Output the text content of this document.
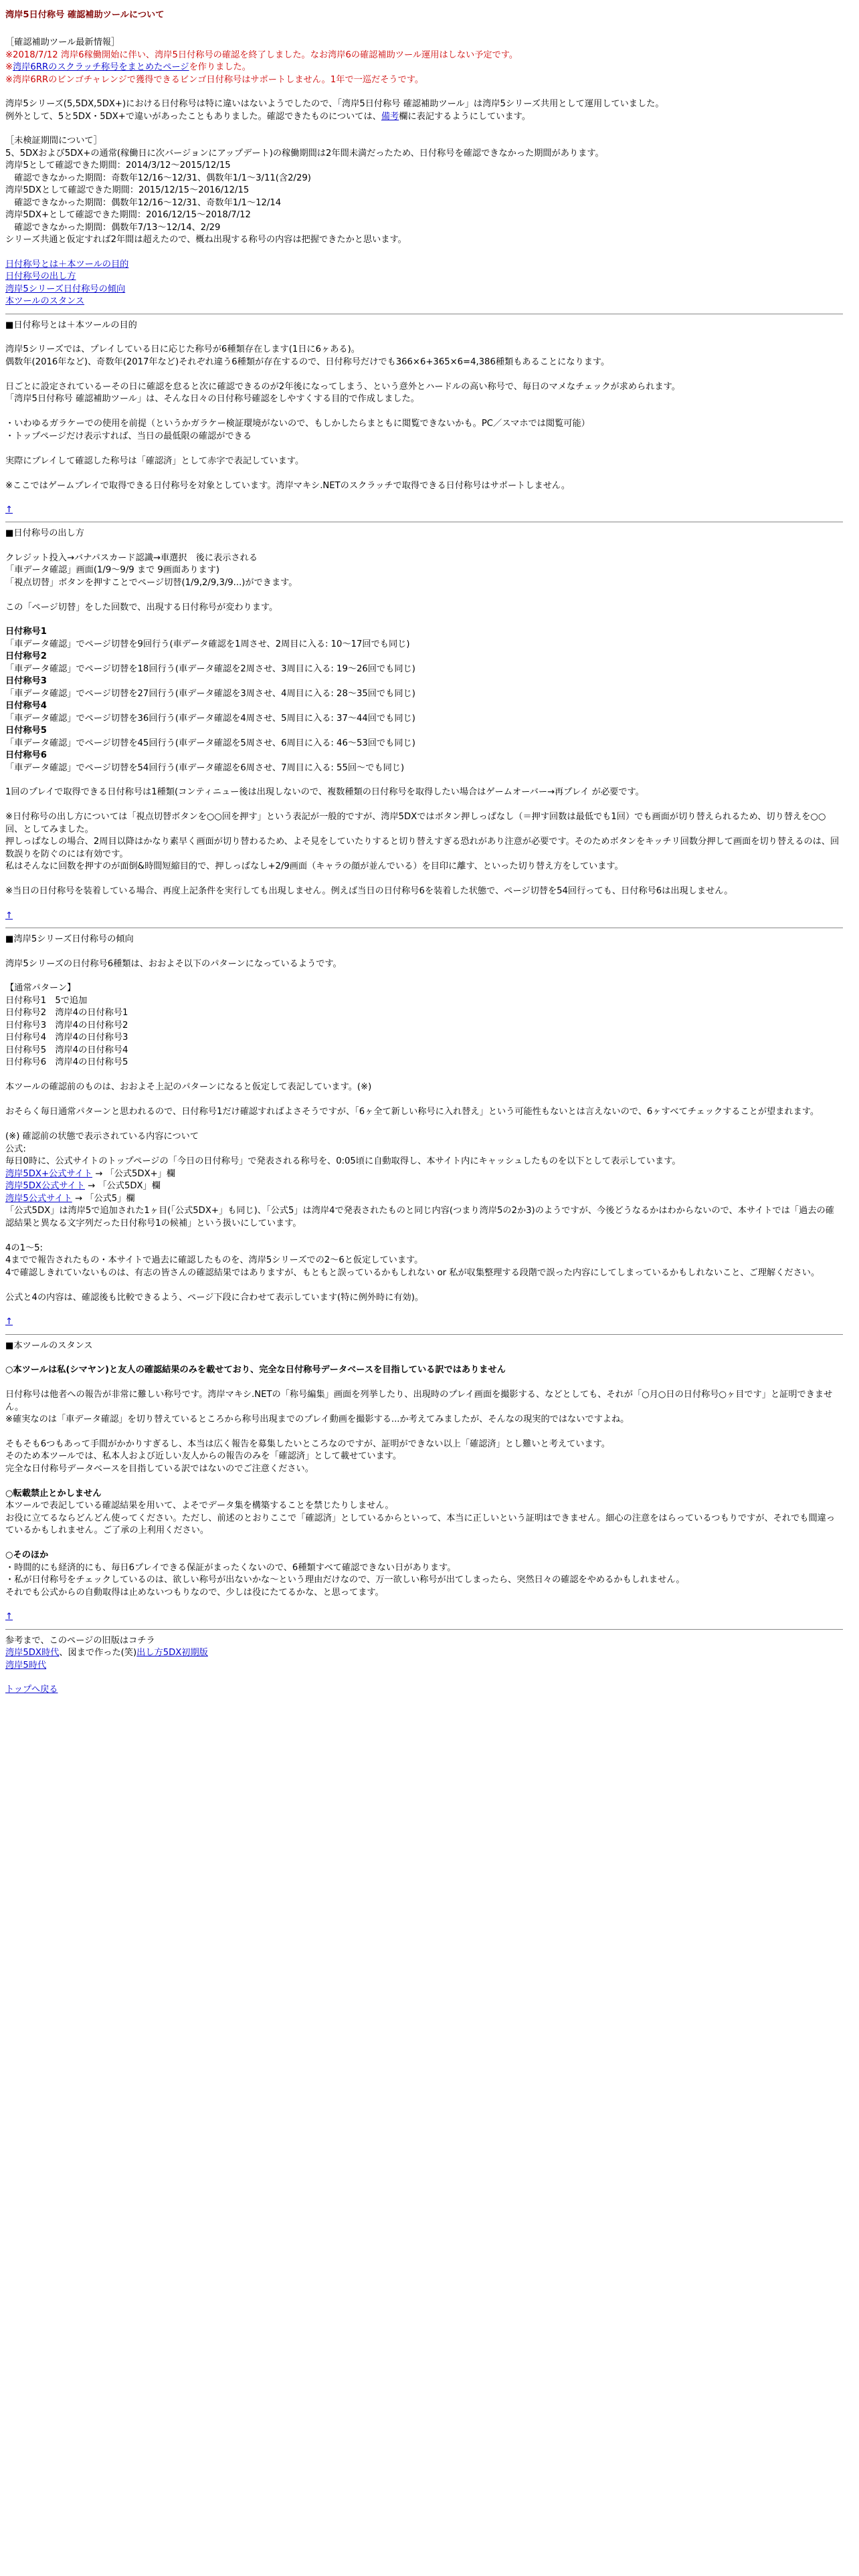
湾岸5日付称号 確認補助ツールについて
［確認補助ツール最新情報］
※2018/7/12 湾岸6稼働開始に伴い、湾岸5日付称号の確認を終了しました。なお湾岸6の確認補助ツール運用はしない予定です。
※湾岸6RRのスクラッチ称号をまとめたページを作りました。
※湾岸6RRのビンゴチャレンジで獲得できるビンゴ日付称号はサポートしません。1年で一巡だそうです。
湾岸5シリーズ(5,5DX,5DX+)における日付称号は特に違いはないようでしたので、「湾岸5日付称号 確認補助ツール」は湾岸5シリーズ共用として運用していました。
例外として、5と5DX・5DX+で違いがあったこともありました。確認できたものについては、備考欄に表記するようにしています。
［未検証期間について］
5、5DXおよび5DX+の通常(稼働日に次バージョンにアップデート)の稼働期間は2年間未満だったため、日付称号を確認できなかった期間があります。
湾岸5として確認できた期間：2014/3/12〜2015/12/15
　確認できなかった期間：奇数年12/16〜12/31、偶数年1/1〜3/11(含2/29)
湾岸5DXとして確認できた期間：2015/12/15〜2016/12/15
　確認できなかった期間：偶数年12/16〜12/31、奇数年1/1〜12/14
湾岸5DX+として確認できた期間：2016/12/15〜2018/7/12
　確認できなかった期間：偶数年7/13〜12/14、2/29
シリーズ共通と仮定すれば2年間は超えたので、概ね出現する称号の内容は把握できたかと思います。
日付称号とは＋本ツールの目的
日付称号の出し方
湾岸5シリーズ日付称号の傾向
本ツールのスタンス
■日付称号とは＋本ツールの目的
湾岸5シリーズでは、プレイしている日に応じた称号が6種類存在します(1日に6ヶある)。
偶数年(2016年など)、奇数年(2017年など)それぞれ違う6種類が存在するので、日付称号だけでも366×6+365×6=4,386種類もあることになります。

日ごとに設定されているーその日に確認を怠ると次に確認できるのが2年後になってしまう、という意外とハードルの高い称号で、毎日のマメなチェックが求められます。
「湾岸5日付称号 確認補助ツール」は、そんな日々の日付称号確認をしやすくする目的で作成しました。

・いわゆるガラケーでの使用を前提（というかガラケー検証環境がないので、もしかしたらまともに閲覧できないかも。PC／スマホでは閲覧可能）
・トップページだけ表示すれば、当日の最低限の確認ができる

実際にプレイして確認した称号は「確認済」として赤字で表記しています。

※ここではゲームプレイで取得できる日付称号を対象としています。湾岸マキシ.NETのスクラッチで取得できる日付称号はサポートしません。
↑
■日付称号の出し方
クレジット投入→バナパスカード認識→車選択　後に表示される
「車データ確認」画面(1/9〜9/9 まで 9画面あります)
「視点切替」ボタンを押すことでページ切替(1/9,2/9,3/9...)ができます。

この「ページ切替」をした回数で、出現する日付称号が変わります。
日付称号1
「車データ確認」でページ切替を9回行う(車データ確認を1周させ、2周目に入る: 10〜17回でも同じ)
日付称号2
「車データ確認」でページ切替を18回行う(車データ確認を2周させ、3周目に入る: 19〜26回でも同じ)
日付称号3
「車データ確認」でページ切替を27回行う(車データ確認を3周させ、4周目に入る: 28〜35回でも同じ)
日付称号4
「車データ確認」でページ切替を36回行う(車データ確認を4周させ、5周目に入る: 37〜44回でも同じ)
日付称号5
「車データ確認」でページ切替を45回行う(車データ確認を5周させ、6周目に入る: 46〜53回でも同じ)
日付称号6
「車データ確認」でページ切替を54回行う(車データ確認を6周させ、7周目に入る: 55回〜でも同じ)
1回のプレイで取得できる日付称号は1種類(コンティニュー後は出現しないので、複数種類の日付称号を取得したい場合はゲームオーバー→再プレイ が必要です。

※日付称号の出し方については「視点切替ボタンを○○回を押す」という表記が一般的ですが、湾岸5DXではボタン押しっぱなし（＝押す回数は最低でも1回）でも画面が切り替えられるため、切り替えを○○回、としてみました。
押しっぱなしの場合、2周目以降はかなり素早く画面が切り替わるため、よそ見をしていたりすると切り替えすぎる恐れがあり注意が必要です。そのためボタンをキッチリ回数分押して画面を切り替えるのは、回数誤りを防ぐのには有効です。
私はそんなに回数を押すのが面倒&時間短縮目的で、押しっぱなし+2/9画面（キャラの顔が並んでいる）を目印に離す、といった切り替え方をしています。

※当日の日付称号を装着している場合、再度上記条件を実行しても出現しません。例えば当日の日付称号6を装着した状態で、ページ切替を54回行っても、日付称号6は出現しません。
↑
■湾岸5シリーズ日付称号の傾向
湾岸5シリーズの日付称号6種類は、おおよそ以下のパターンになっているようです。

【通常パターン】
日付称号1　5で追加
日付称号2　湾岸4の日付称号1
日付称号3　湾岸4の日付称号2
日付称号4　湾岸4の日付称号3
日付称号5　湾岸4の日付称号4
日付称号6　湾岸4の日付称号5

本ツールの確認前のものは、おおよそ上記のパターンになると仮定して表記しています。(※)

おそらく毎日通常パターンと思われるので、日付称号1だけ確認すればよさそうですが、「6ヶ全て新しい称号に入れ替え」という可能性もないとは言えないので、6ヶすべてチェックすることが望まれます。

(※) 確認前の状態で表示されている内容について
公式:
毎日0時に、公式サイトのトップページの「今日の日付称号」で発表される称号を、0:05頃に自動取得し、本サイト内にキャッシュしたものを以下として表示しています。
湾岸5DX+公式サイト → 「公式5DX+」欄
湾岸5DX公式サイト → 「公式5DX」欄
湾岸5公式サイト → 「公式5」欄
「公式5DX」は湾岸5で追加された1ヶ目(「公式5DX+」も同じ)、「公式5」は湾岸4で発表されたものと同じ内容(つまり湾岸5の2か3)のようですが、今後どうなるかはわからないので、本サイトでは「過去の確認結果と異なる文字列だった日付称号1の候補」という扱いにしています。

4の1〜5:
4までで報告されたもの・本サイトで過去に確認したものを、湾岸5シリーズでの2〜6と仮定しています。
4で確認しきれていないものは、有志の皆さんの確認結果ではありますが、もともと誤っているかもしれない or 私が収集整理する段階で誤った内容にしてしまっているかもしれないこと、ご理解ください。

公式と4の内容は、確認後も比較できるよう、ページ下段に合わせて表示しています(特に例外時に有効)。
↑
■本ツールのスタンス
○本ツールは私(シマヤン)と友人の確認結果のみを載せており、完全な日付称号データベースを目指している訳ではありません

日付称号は他者への報告が非常に難しい称号です。湾岸マキシ.NETの「称号編集」画面を列挙したり、出現時のプレイ画面を撮影する、などとしても、それが「○月○日の日付称号○ヶ目です」と証明できません。
※確実なのは「車データ確認」を切り替えているところから称号出現までのプレイ動画を撮影する...か考えてみましたが、そんなの現実的ではないですよね。

そもそも6つもあって手間がかかりすぎるし、本当は広く報告を募集したいところなのですが、証明ができない以上「確認済」とし難いと考えています。
そのため本ツールでは、私本人および近しい友人からの報告のみを「確認済」として載せています。
完全な日付称号データベースを目指している訳ではないのでご注意ください。

○転載禁止とかしません
本ツールで表記している確認結果を用いて、よそでデータ集を構築することを禁じたりしません。
お役に立てるならどんどん使ってください。ただし、前述のとおりここで「確認済」としているからといって、本当に正しいという証明はできません。細心の注意をはらっているつもりですが、それでも間違っているかもしれません。ご了承の上利用ください。

○そのほか
・時間的にも経済的にも、毎日6プレイできる保証がまったくないので、6種類すべて確認できない日があります。
・私が日付称号をチェックしているのは、欲しい称号が出ないかな〜という理由だけなので、万一欲しい称号が出てしまったら、突然日々の確認をやめるかもしれません。
それでも公式からの自動取得は止めないつもりなので、少しは役にたてるかな、と思ってます。
↑
参考まで、このページの旧版はコチラ
湾岸5DX時代、図まで作った(笑)出し方5DX初期版
湾岸5時代
トップへ戻る
